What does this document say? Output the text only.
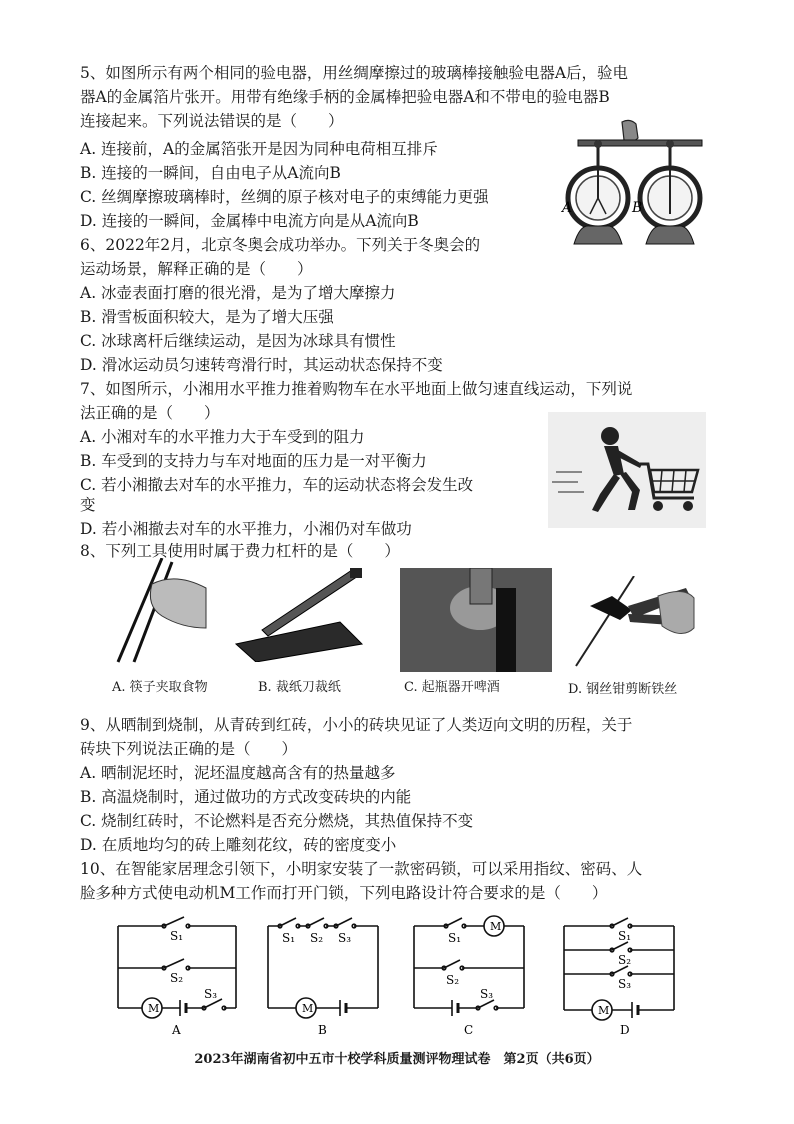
5、如图所示有两个相同的验电器，用丝绸摩擦过的玻璃棒接触验电器A后，验电
器A的金属箔片张开。用带有绝缘手柄的金属棒把验电器A和不带电的验电器B
连接起来。下列说法错误的是（　　）
A. 连接前，A的金属箔张开是因为同种电荷相互排斥
B. 连接的一瞬间，自由电子从A流向B
C. 丝绸摩擦玻璃棒时，丝绸的原子核对电子的束缚能力更强
D. 连接的一瞬间，金属棒中电流方向是从A流向B
A	B
6、2022年2月，北京冬奥会成功举办。下列关于冬奥会的
运动场景，解释正确的是（　　）
A. 冰壶表面打磨的很光滑，是为了增大摩擦力
B. 滑雪板面积较大，是为了增大压强
C. 冰球离杆后继续运动，是因为冰球具有惯性
D. 滑冰运动员匀速转弯滑行时，其运动状态保持不变
7、如图所示，小湘用水平推力推着购物车在水平地面上做匀速直线运动，下列说
法正确的是（　　）
A. 小湘对车的水平推力大于车受到的阻力
B. 车受到的支持力与车对地面的压力是一对平衡力
C. 若小湘撤去对车的水平推力，车的运动状态将会发生改
变
D. 若小湘撤去对车的水平推力，小湘仍对车做功
8、下列工具使用时属于费力杠杆的是（　　）
A. 筷子夹取食物	B. 裁纸刀裁纸	C. 起瓶器开啤酒	D. 钢丝钳剪断铁丝
9、从晒制到烧制，从青砖到红砖，小小的砖块见证了人类迈向文明的历程，关于
砖块下列说法正确的是（　　）
A. 晒制泥坯时，泥坯温度越高含有的热量越多
B. 高温烧制时，通过做功的方式改变砖块的内能
C. 烧制红砖时，不论燃料是否充分燃烧，其热值保持不变
D. 在质地均匀的砖上雕刻花纹，砖的密度变小
10、在智能家居理念引领下，小明家安装了一款密码锁，可以采用指纹、密码、人
脸多种方式使电动机M工作而打开门锁，下列电路设计符合要求的是（　　）
M
S₁
S₂
S₃
A
M
S₁ S₂ S₃
B
M
S₁
S₂
S₃
C
M
S₁
S₂
S₃
D
2023年湖南省初中五市十校学科质量测评物理试卷　第2页（共6页）
